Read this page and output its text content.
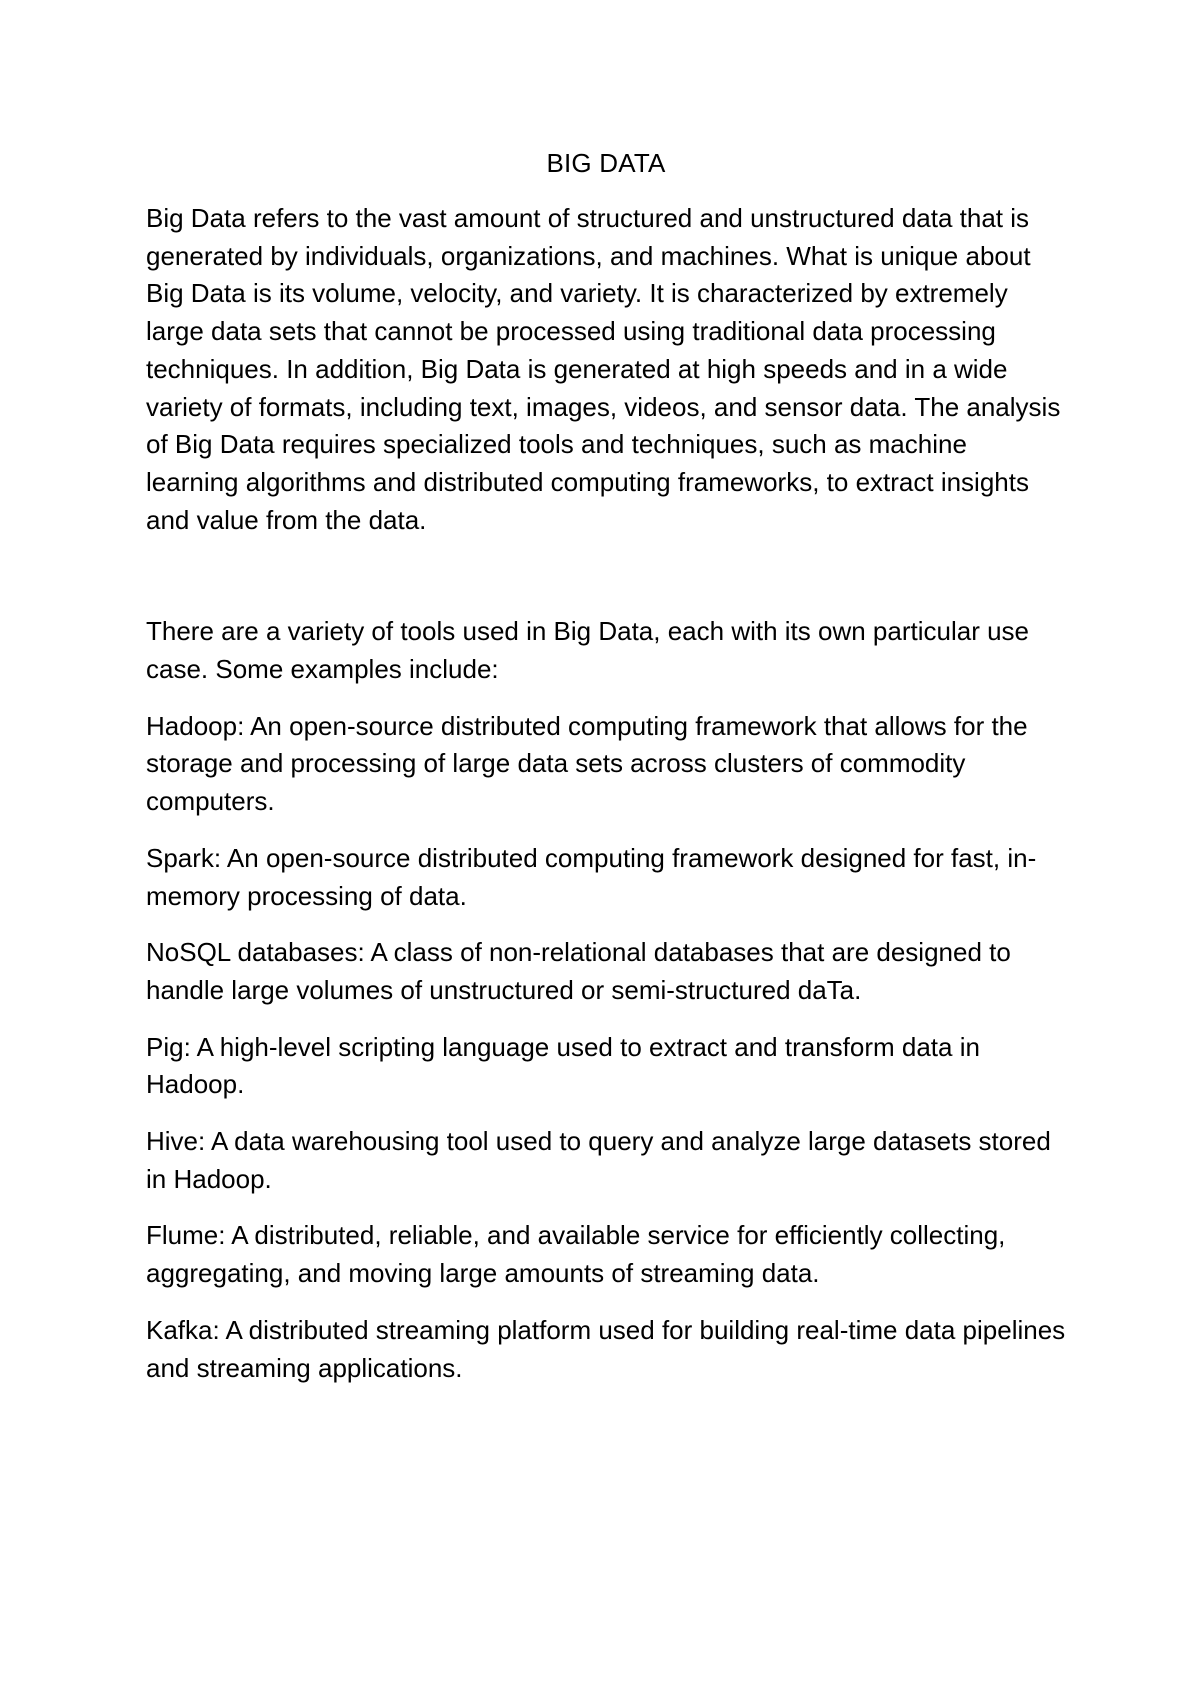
BIG DATA

Big Data refers to the vast amount of structured and unstructured data that is generated by individuals, organizations, and machines. What is unique about Big Data is its volume, velocity, and variety. It is characterized by extremely large data sets that cannot be processed using traditional data processing techniques. In addition, Big Data is generated at high speeds and in a wide variety of formats, including text, images, videos, and sensor data. The analysis of Big Data requires specialized tools and techniques, such as machine learning algorithms and distributed computing frameworks, to extract insights and value from the data.

There are a variety of tools used in Big Data, each with its own particular use case. Some examples include:

Hadoop: An open-source distributed computing framework that allows for the storage and processing of large data sets across clusters of commodity computers.

Spark: An open-source distributed computing framework designed for fast, in-memory processing of data.

NoSQL databases: A class of non-relational databases that are designed to handle large volumes of unstructured or semi-structured daTa.

Pig: A high-level scripting language used to extract and transform data in Hadoop.

Hive: A data warehousing tool used to query and analyze large datasets stored in Hadoop.

Flume: A distributed, reliable, and available service for efficiently collecting, aggregating, and moving large amounts of streaming data.

Kafka: A distributed streaming platform used for building real-time data pipelines and streaming applications.
